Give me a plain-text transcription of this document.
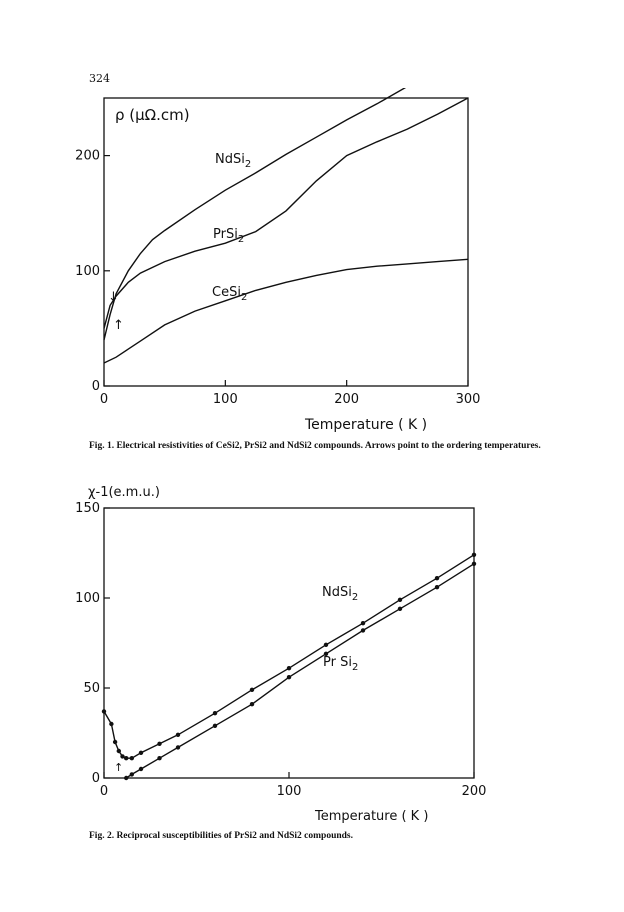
324
0	100	200	300
0
100
200
ρ (μΩ.cm)
Temperature ( K )
NdSi$_2$
PrSi$_2$
CeSi$_2$
↓
↑
Fig. 1. Electrical resistivities of CeSi2, PrSi2 and NdSi2 compounds. Arrows point to the ordering temperatures.
0	100	200
0
50
100
150
χ-1(e.m.u.)
Temperature ( K )
NdSi$_2$
Pr $Si_2$
↑
Fig. 2. Reciprocal susceptibilities of PrSi2 and NdSi2 compounds.
